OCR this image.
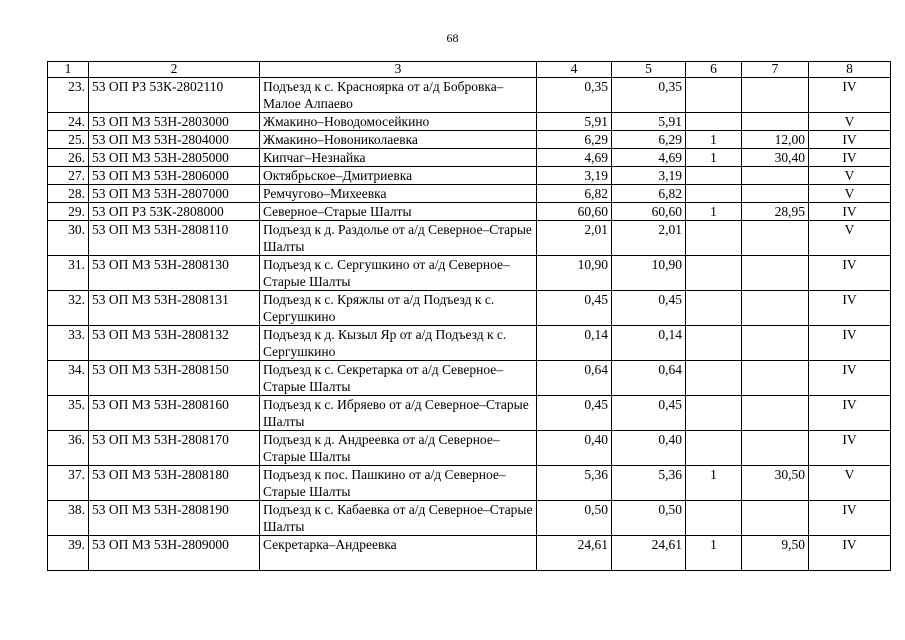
68
1	2	3	4	5	6	7	8
23.	53 ОП РЗ 53К-2802110	Подъезд к с. Красноярка от а/д Бобровка–Малое Алпаево	0,35	0,35			IV
24.	53 ОП МЗ 53Н-2803000	Жмакино–Новодомосейкино	5,91	5,91			V
25.	53 ОП МЗ 53Н-2804000	Жмакино–Новониколаевка	6,29	6,29	1	12,00	IV
26.	53 ОП МЗ 53Н-2805000	Кипчаг–Незнайка	4,69	4,69	1	30,40	IV
27.	53 ОП МЗ 53Н-2806000	Октябрьское–Дмитриевка	3,19	3,19			V
28.	53 ОП МЗ 53Н-2807000	Ремчугово–Михеевка	6,82	6,82			V
29.	53 ОП РЗ 53К-2808000	Северное–Старые Шалты	60,60	60,60	1	28,95	IV
30.	53 ОП МЗ 53Н-2808110	Подъезд к д. Раздолье от а/д Северное–Старые Шалты	2,01	2,01			V
31.	53 ОП МЗ 53Н-2808130	Подъезд к с. Сергушкино от а/д Северное–Старые Шалты	10,90	10,90			IV
32.	53 ОП МЗ 53Н-2808131	Подъезд к с. Кряжлы от а/д Подъезд к с. Сергушкино	0,45	0,45			IV
33.	53 ОП МЗ 53Н-2808132	Подъезд к д. Кызыл Яр от а/д Подъезд к с. Сергушкино	0,14	0,14			IV
34.	53 ОП МЗ 53Н-2808150	Подъезд к с. Секретарка от а/д Северное–Старые Шалты	0,64	0,64			IV
35.	53 ОП МЗ 53Н-2808160	Подъезд к с. Ибряево от а/д Северное–Старые Шалты	0,45	0,45			IV
36.	53 ОП МЗ 53Н-2808170	Подъезд к д. Андреевка от а/д Северное– Старые Шалты	0,40	0,40			IV
37.	53 ОП МЗ 53Н-2808180	Подъезд к пос. Пашкино от а/д Северное–Старые Шалты	5,36	5,36	1	30,50	V
38.	53 ОП МЗ 53Н-2808190	Подъезд к с. Кабаевка от а/д Северное–Старые Шалты	0,50	0,50			IV
39.	53 ОП МЗ 53Н-2809000	Секретарка–Андреевка	24,61	24,61	1	9,50	IV
